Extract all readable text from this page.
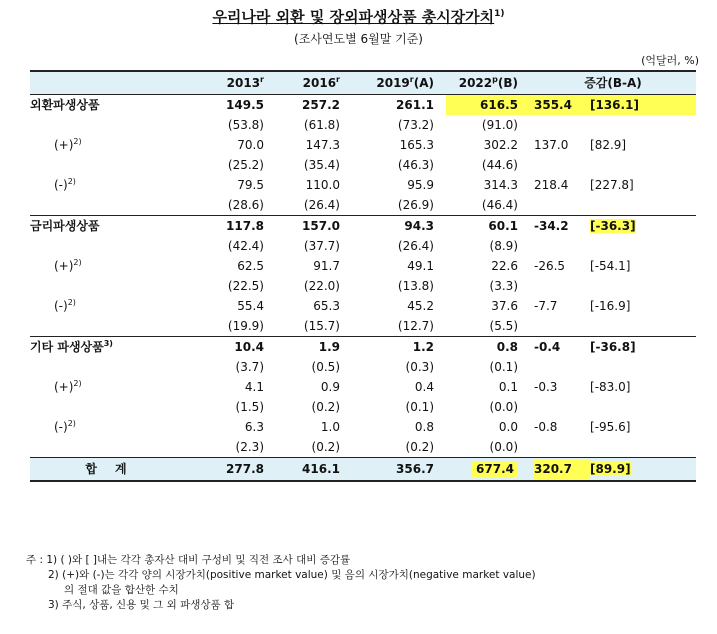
우리나라 외환 및 장외파생상품 총시장가치$^{1)}$
(조사연도별 6월말 기준)
(억달러, %)
	2013$^r$	2016$^r$	2019$^r$(A)	2022$^p$(B)	증감(B-A)
외환파생상품	149.5	257.2	261.1	616.5	355.4 [136.1]
	(53.8)	(61.8)	(73.2)	(91.0)	
$(+)^{2)}$	70.0	147.3	165.3	302.2	137.0 [82.9]
	(25.2)	(35.4)	(46.3)	(44.6)	
$(-)^{2)}$	79.5	110.0	95.9	314.3	218.4 [227.8]
	(28.6)	(26.4)	(26.9)	(46.4)	
금리파생상품	117.8	157.0	94.3	60.1	-34.2 [-36.3]
	(42.4)	(37.7)	(26.4)	(8.9)	
$(+)^{2)}$	62.5	91.7	49.1	22.6	-26.5 [-54.1]
	(22.5)	(22.0)	(13.8)	(3.3)	
$(-)^{2)}$	55.4	65.3	45.2	37.6	-7.7 [-16.9]
	(19.9)	(15.7)	(12.7)	(5.5)	
기타 파생상품$^{3)}$	10.4	1.9	1.2	0.8	-0.4 [-36.8]
	(3.7)	(0.5)	(0.3)	(0.1)	
$(+)^{2)}$	4.1	0.9	0.4	0.1	-0.3 [-83.0]
	(1.5)	(0.2)	(0.1)	(0.0)	
$(-)^{2)}$	6.3	1.0	0.8	0.0	-0.8 [-95.6]
	(2.3)	(0.2)	(0.2)	(0.0)	
합계	277.8	416.1	356.7	677.4	320.7 [89.9]
주 : 1) ( )와 [ ]내는 각각 총자산 대비 구성비 및 직전 조사 대비 증감률
2) (+)와 (-)는 각각 양의 시장가치(positive market value) 및 음의 시장가치(negative market value)
의 절대 값을 합산한 수치
3) 주식, 상품, 신용 및 그 외 파생상품 합
